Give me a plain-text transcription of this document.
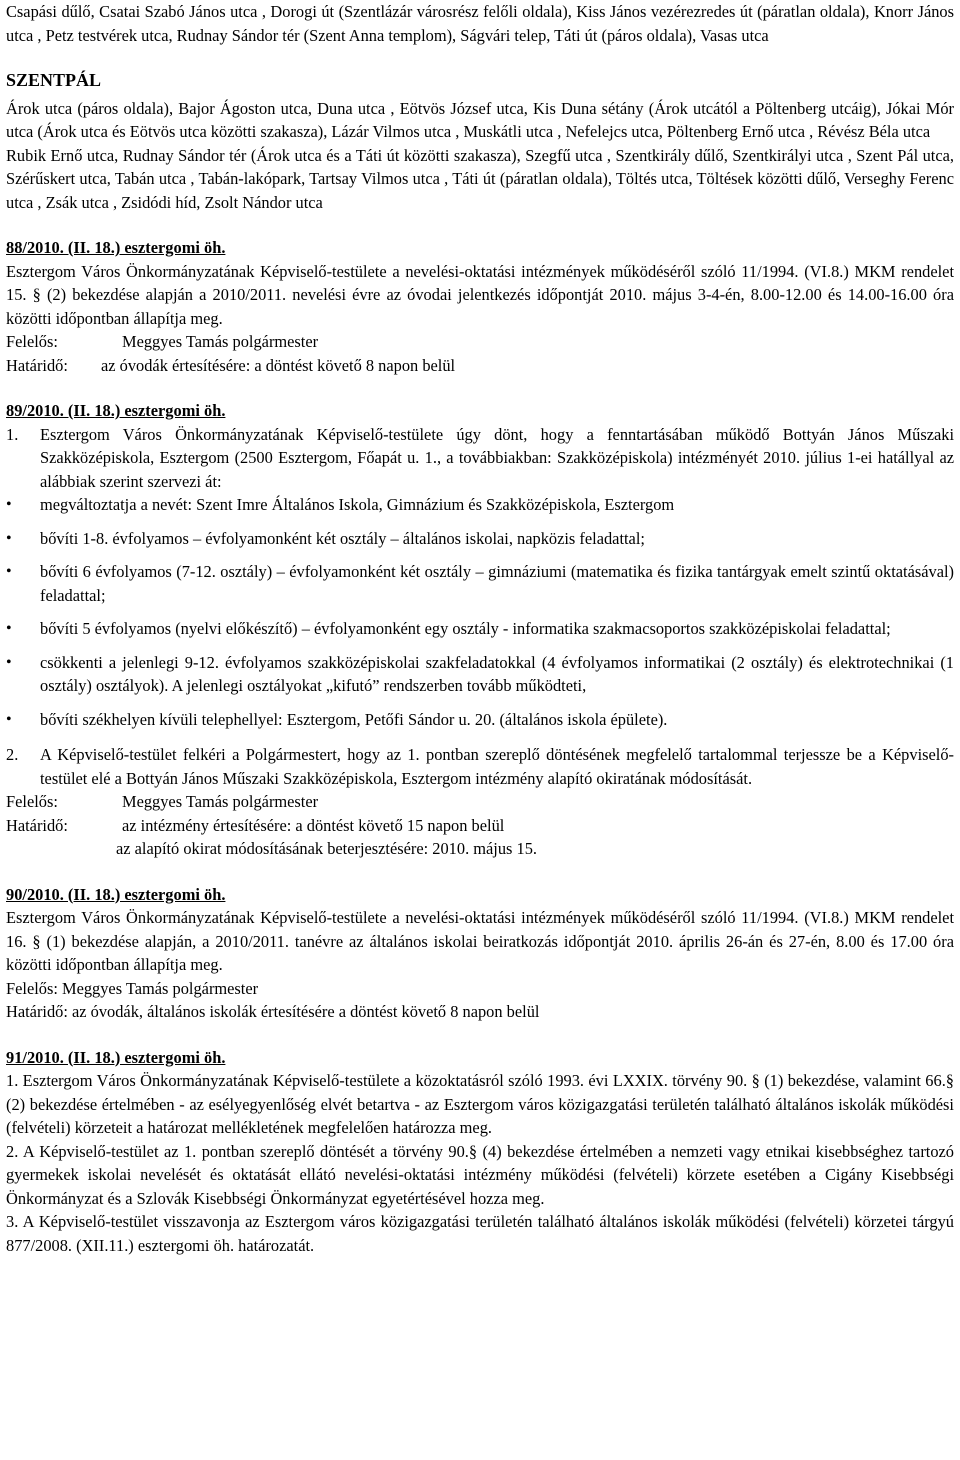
Csapási dűlő, Csatai Szabó János utca , Dorogi út (Szentlázár városrész felőli oldala), Kiss János vezérezredes út (páratlan oldala), Knorr János utca , Petz testvérek utca, Rudnay Sándor tér (Szent Anna templom), Ságvári telep, Táti út (páros oldala), Vasas utca

SZENTPÁL

Árok utca (páros oldala), Bajor Ágoston utca, Duna utca , Eötvös József utca, Kis Duna sétány (Árok utcától a Pöltenberg utcáig), Jókai Mór utca (Árok utca és Eötvös utca közötti szakasza), Lázár Vilmos utca , Muskátli utca , Nefelejcs utca, Pöltenberg Ernő utca , Révész Béla utca

Rubik Ernő utca, Rudnay Sándor tér (Árok utca és a Táti út közötti szakasza), Szegfű utca , Szentkirály dűlő, Szentkirályi utca , Szent Pál utca, Szérűskert utca, Tabán utca , Tabán-lakópark, Tartsay Vilmos utca , Táti út (páratlan oldala), Töltés utca, Töltések közötti dűlő, Verseghy Ferenc utca , Zsák utca , Zsidódi híd, Zsolt Nándor utca

88/2010. (II. 18.) esztergomi öh.

Esztergom Város Önkormányzatának Képviselő-testülete a nevelési-oktatási intézmények működéséről szóló 11/1994. (VI.8.) MKM rendelet 15. § (2) bekezdése alapján a 2010/2011. nevelési évre az óvodai jelentkezés időpontját 2010. május 3-4-én, 8.00-12.00 és 14.00-16.00 óra közötti időpontban állapítja meg.

Felelős:	Meggyes Tamás polgármester
Határidő:	az óvodák értesítésére: a döntést követő 8 napon belül
89/2010. (II. 18.) esztergomi öh.
1.	Esztergom Város Önkormányzatának Képviselő-testülete úgy dönt, hogy a fenntartásában működő Bottyán János Műszaki Szakközépiskola, Esztergom (2500 Esztergom, Főapát u. 1., a továbbiakban: Szakközépiskola) intézményét 2010. július 1-ei hatállyal az alábbiak szerint szervezi át:
•	megváltoztatja a nevét: Szent Imre Általános Iskola, Gimnázium és Szakközépiskola, Esztergom
•	bővíti 1-8. évfolyamos – évfolyamonként két osztály – általános iskolai, napközis feladattal;
•	bővíti 6 évfolyamos (7-12. osztály) – évfolyamonként két osztály – gimnáziumi (matematika és fizika tantárgyak emelt szintű oktatásával) feladattal;
•	bővíti 5 évfolyamos (nyelvi előkészítő) – évfolyamonként egy osztály - informatika szakmacsoportos szakközépiskolai feladattal;
•	csökkenti a jelenlegi 9-12. évfolyamos szakközépiskolai szakfeladatokkal (4 évfolyamos informatikai (2 osztály) és elektrotechnikai (1 osztály) osztályok). A jelenlegi osztályokat „kifutó” rendszerben tovább működteti,
•	bővíti székhelyen kívüli telephellyel: Esztergom, Petőfi Sándor u. 20. (általános iskola épülete).
2.	A Képviselő-testület felkéri a Polgármestert, hogy az 1. pontban szereplő döntésének megfelelő tartalommal terjessze be a Képviselő-testület elé a Bottyán János Műszaki Szakközépiskola, Esztergom intézmény alapító okiratának módosítását.
Felelős:	Meggyes Tamás polgármester
Határidő:	az intézmény értesítésére: a döntést követő 15 napon belül
az alapító okirat módosításának beterjesztésére: 2010. május 15.
90/2010. (II. 18.) esztergomi öh.

Esztergom Város Önkormányzatának Képviselő-testülete a nevelési-oktatási intézmények működéséről szóló 11/1994. (VI.8.) MKM rendelet 16. § (1) bekezdése alapján, a 2010/2011. tanévre az általános iskolai beiratkozás időpontját 2010. április 26-án és 27-én, 8.00 és 17.00 óra közötti időpontban állapítja meg.

Felelős: Meggyes Tamás polgármester
Határidő: az óvodák, általános iskolák értesítésére a döntést követő 8 napon belül
91/2010. (II. 18.) esztergomi öh.

1. Esztergom Város Önkormányzatának Képviselő-testülete a közoktatásról szóló 1993. évi LXXIX. törvény 90. § (1) bekezdése, valamint 66.§ (2) bekezdése értelmében - az esélyegyenlőség elvét betartva - az Esztergom város közigazgatási területén található általános iskolák működési (felvételi) körzeteit a határozat mellékletének megfelelően határozza meg.

2. A Képviselő-testület az 1. pontban szereplő döntését a törvény 90.§ (4) bekezdése értelmében a nemzeti vagy etnikai kisebbséghez tartozó gyermekek iskolai nevelését és oktatását ellátó nevelési-oktatási intézmény működési (felvételi) körzete esetében a Cigány Kisebbségi Önkormányzat és a Szlovák Kisebbségi Önkormányzat egyetértésével hozza meg.

3. A Képviselő-testület visszavonja az Esztergom város közigazgatási területén található általános iskolák működési (felvételi) körzetei tárgyú 877/2008. (XII.11.) esztergomi öh. határozatát.
